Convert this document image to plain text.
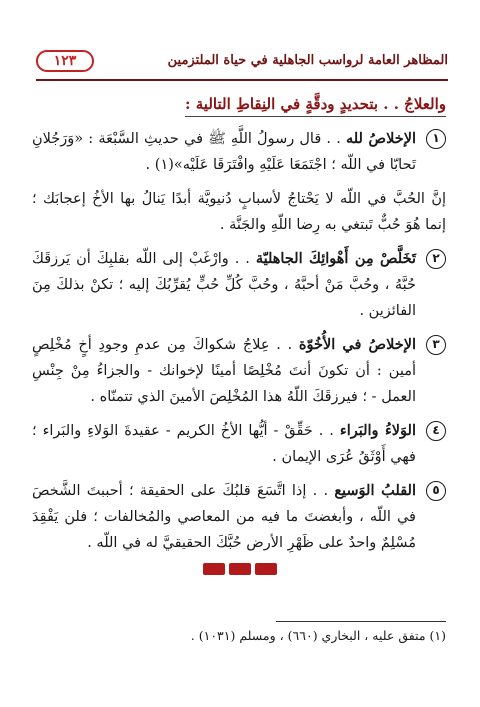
المظاهر العامة لرواسب الجاهلية في حياة الملتزمين
١٢٣
والعلاجُ . . بتحديدٍ ودقَّةٍ في النِقاطِ التالية :
١
الإخلاصُ لله . . قال رسولُ اللَّهِ ﷺ في حديثِ السَّبْعَة : «وَرَجُلانِ تَحابّا في اللّه ؛ اجْتَمَعَا عَلَيْهِ وافْتَرَقَا عَلَيْه»(١) .
إنَّ الحُبَّ في اللّه لا يَحْتاجُ لأسبابٍ دُنيويَّة أبدًا يَنالُ بها الأخُ إعجابَك ؛ إنما هُوَ حُبٌّ تَبتغي به رِضا اللّهِ والجَنَّة .
٢
تَخَلَّصْ مِن أَهْوائِكَ الجاهليّة . . وارْغَبْ إلى اللّه بقلبِكَ أن يَرزقَكَ حُبَّهُ ، وحُبَّ مَنْ أحبَّهُ ، وحُبَّ كُلِّ حُبٍّ يُقرِّبُكَ إليه ؛ تكنْ بذلكَ مِنَ الفائزين .
٣
الإخلاصُ في الأُخُوّة . . عِلاجُ شكواكَ مِن عدمِ وجودِ أخٍ مُخْلِصٍ أمين : أن تكونَ أنتَ مُخْلِصًا أمينًا لإخوانك - والجزاءُ مِنْ جِنْسِ العمل - ؛ فيرزقَكَ اللّهُ هذا المُخْلِصَ الأمينَ الذي تتمنّاه .
٤
الوَلاءُ والبَراء . . حَقِّقْ - أيُّها الأخُ الكريم - عقيدةَ الوَلاءِ والبَراء ؛ فهي أَوْثَقُ عُرَى الإيمان .
٥
القلبُ الوَسيع . . إذا اتَّسَعَ قلبُكَ على الحقيقة ؛ أحببتَ الشَّخصَ في اللّه ، وأبغضتَ ما فيه من المعاصي والمُخالفات ؛ فلن يَفْقِدَ مُسْلِمٌ واحدٌ على ظَهْرِ الأرض حُبَّكَ الحقيقيَّ له في اللّه .
(١) متفق عليه ، البخاري (٦٦٠) ، ومسلم (١٠٣١) .
